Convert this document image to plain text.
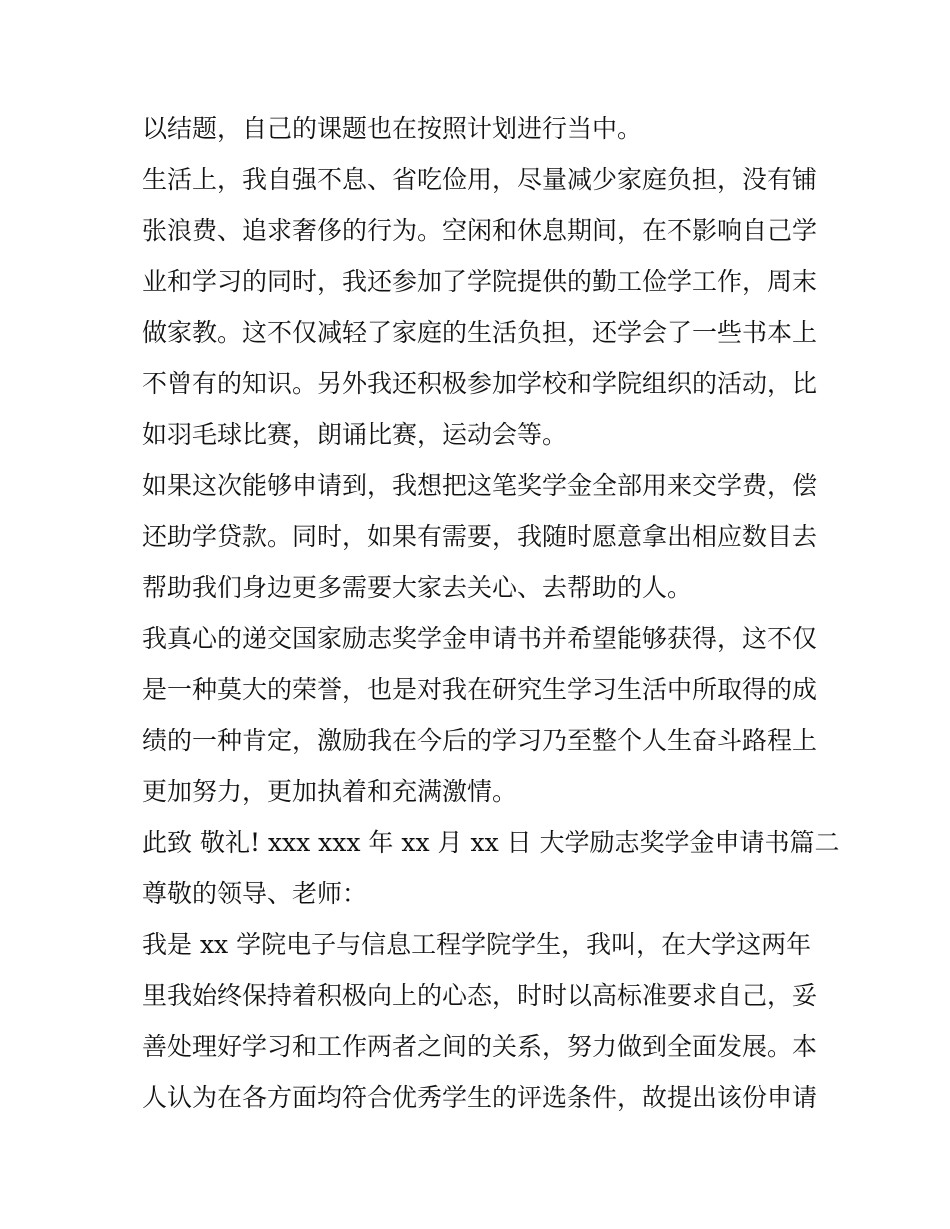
以结题，自己的课题也在按照计划进行当中。
生活上，我自强不息、省吃俭用，尽量减少家庭负担，没有铺
张浪费、追求奢侈的行为。空闲和休息期间，在不影响自己学
业和学习的同时，我还参加了学院提供的勤工俭学工作，周末
做家教。这不仅减轻了家庭的生活负担，还学会了一些书本上
不曾有的知识。另外我还积极参加学校和学院组织的活动，比
如羽毛球比赛，朗诵比赛，运动会等。
如果这次能够申请到，我想把这笔奖学金全部用来交学费，偿
还助学贷款。同时，如果有需要，我随时愿意拿出相应数目去
帮助我们身边更多需要大家去关心、去帮助的人。
我真心的递交国家励志奖学金申请书并希望能够获得，这不仅
是一种莫大的荣誉，也是对我在研究生学习生活中所取得的成
绩的一种肯定，激励我在今后的学习乃至整个人生奋斗路程上
更加努力，更加执着和充满激情。
此致 敬礼! xxx xxx 年 xx 月 xx 日 大学励志奖学金申请书篇二
尊敬的领导、老师：
我是 xx 学院电子与信息工程学院学生，我叫，在大学这两年
里我始终保持着积极向上的心态，时时以高标准要求自己，妥
善处理好学习和工作两者之间的关系，努力做到全面发展。本
人认为在各方面均符合优秀学生的评选条件，故提出该份申请
